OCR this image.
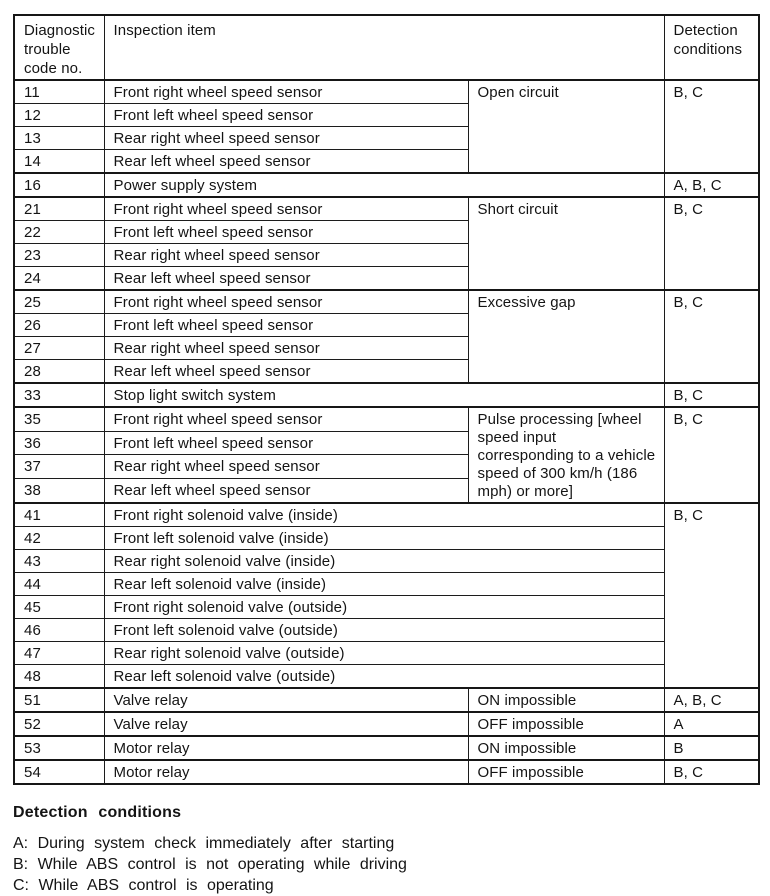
Diagnostic trouble code no.	Inspection item		Detection conditions
11	Front right wheel speed sensor	Open circuit	B, C
12	Front left wheel speed sensor		
13	Rear right wheel speed sensor		
14	Rear left wheel speed sensor		
16	Power supply system		A, B, C
21	Front right wheel speed sensor	Short circuit	B, C
22	Front left wheel speed sensor		
23	Rear right wheel speed sensor		
24	Rear left wheel speed sensor		
25	Front right wheel speed sensor	Excessive gap	B, C
26	Front left wheel speed sensor		
27	Rear right wheel speed sensor		
28	Rear left wheel speed sensor		
33	Stop light switch system		B, C
35	Front right wheel speed sensor	Pulse processing [wheel speed input corresponding to a vehicle speed of 300 km/h (186 mph) or more]	B, C
36	Front left wheel speed sensor		
37	Rear right wheel speed sensor		
38	Rear left wheel speed sensor		
41	Front right solenoid valve (inside)		B, C
42	Front left solenoid valve (inside)		
43	Rear right solenoid valve (inside)		
44	Rear left solenoid valve (inside)		
45	Front right solenoid valve (outside)		
46	Front left solenoid valve (outside)		
47	Rear right solenoid valve (outside)		
48	Rear left solenoid valve (outside)		
51	Valve relay	ON impossible	A, B, C
52	Valve relay	OFF impossible	A
53	Motor relay	ON impossible	B
54	Motor relay	OFF impossible	B, C
Detection conditions
A: During system check immediately after starting
B: While ABS control is not operating while driving
C: While ABS control is operating
